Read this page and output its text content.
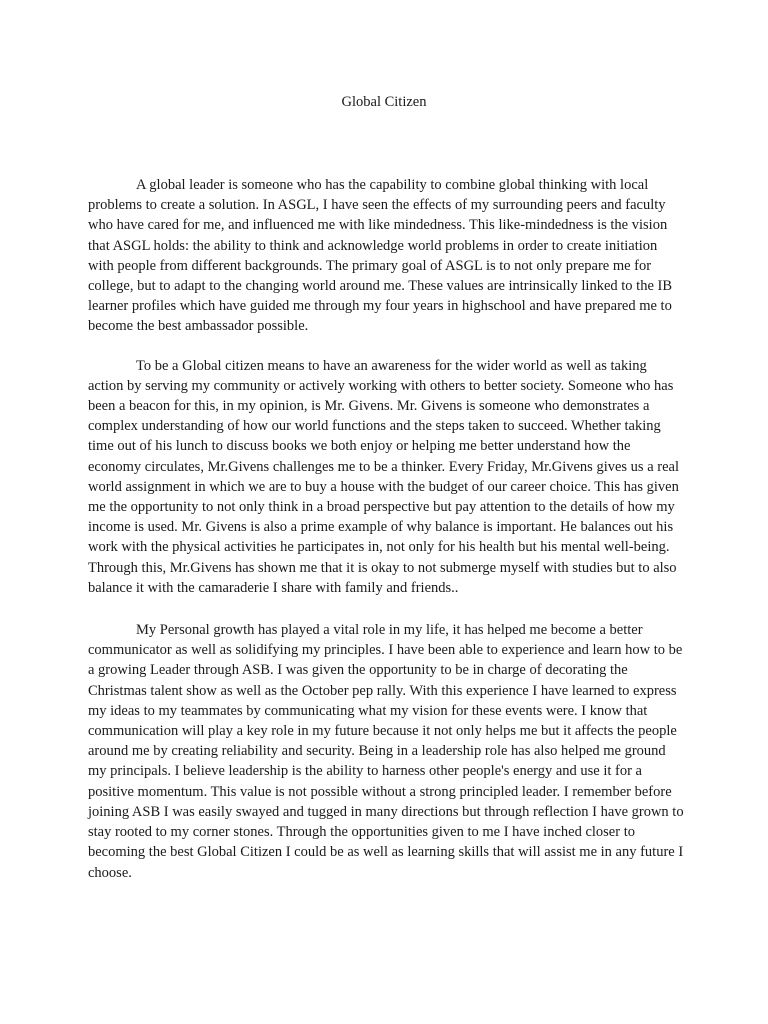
Global Citizen

A global leader is someone who has the capability to combine global thinking with local problems to create a solution. In ASGL, I have seen the effects of my surrounding peers and faculty who have cared for me, and influenced me with like mindedness. This like-mindedness is the vision that ASGL holds: the ability to think and acknowledge world problems in order to create initiation with people from different backgrounds. The primary goal of ASGL is to not only prepare me for college, but to adapt to the changing world around me. These values are intrinsically linked to the IB learner profiles which have guided me through my four years in highschool and have prepared me to become the best ambassador possible.

To be a Global citizen means to have an awareness for the wider world as well as taking action by serving my community or actively working with others to better society. Someone who has been a beacon for this, in my opinion, is Mr. Givens. Mr. Givens is someone who demonstrates a complex understanding of how our world functions and the steps taken to succeed. Whether taking time out of his lunch to discuss books we both enjoy or helping me better understand how the economy circulates, Mr.Givens challenges me to be a thinker. Every Friday, Mr.Givens gives us a real world assignment in which we are to buy a house with the budget of our career choice. This has given me the opportunity to not only think in a broad perspective but pay attention to the details of how my income is used. Mr. Givens is also a prime example of why balance is important. He balances out his work with the physical activities he participates in, not only for his health but his mental well-being. Through this, Mr.Givens has shown me that it is okay to not submerge myself with studies but to also balance it with the camaraderie I share with family and friends..

My Personal growth has played a vital role in my life, it has helped me become a better communicator as well as solidifying my principles. I have been able to experience and learn how to be a growing Leader through ASB. I was given the opportunity to be in charge of decorating the Christmas talent show as well as the October pep rally. With this experience I have learned to express my ideas to my teammates by communicating what my vision for these events were. I know that communication will play a key role in my future because it not only helps me but it affects the people around me by creating reliability and security. Being in a leadership role has also helped me ground my principals. I believe leadership is the ability to harness other people's energy and use it for a positive momentum. This value is not possible without a strong principled leader. I remember before joining ASB I was easily swayed and tugged in many directions but through reflection I have grown to stay rooted to my corner stones. Through the opportunities given to me I have inched closer to becoming the best Global Citizen I could be as well as learning skills that will assist me in any future I choose.
